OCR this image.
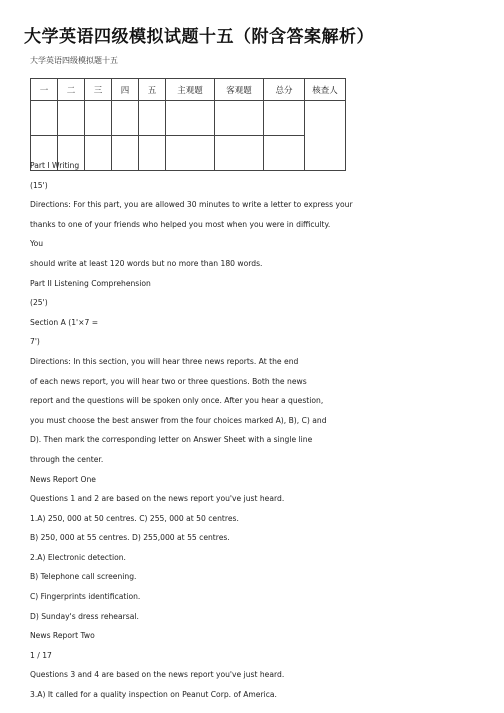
大学英语四级模拟试题十五（附含答案解析）
大学英语四级模拟题十五
一	二	三	四	五	主观题	客观题	总分	核查人

Part I Writing
(15')
Directions: For this part, you are allowed 30 minutes to write a letter to express your
thanks to one of your friends who helped you most when you were in difficulty.
You
should write at least 120 words but no more than 180 words.
Part II Listening Comprehension
(25')
Section A (1'×7 =
7')
Directions: In this section, you will hear three news reports. At the end
of each news report, you will hear two or three questions. Both the news
report and the questions will be spoken only once. After you hear a question,
you must choose the best answer from the four choices marked A), B), C) and
D). Then mark the corresponding letter on Answer Sheet with a single line
through the center.
News Report One
Questions 1 and 2 are based on the news report you've just heard.
1.A) 250, 000 at 50 centres. C) 255, 000 at 50 centres.
B) 250, 000 at 55 centres. D) 255,000 at 55 centres.
2.A) Electronic detection.
B) Telephone call screening.
C) Fingerprints identification.
D) Sunday's dress rehearsal.
News Report Two
1 / 17
Questions 3 and 4 are based on the news report you've just heard.
3.A) It called for a quality inspection on Peanut Corp. of America.
